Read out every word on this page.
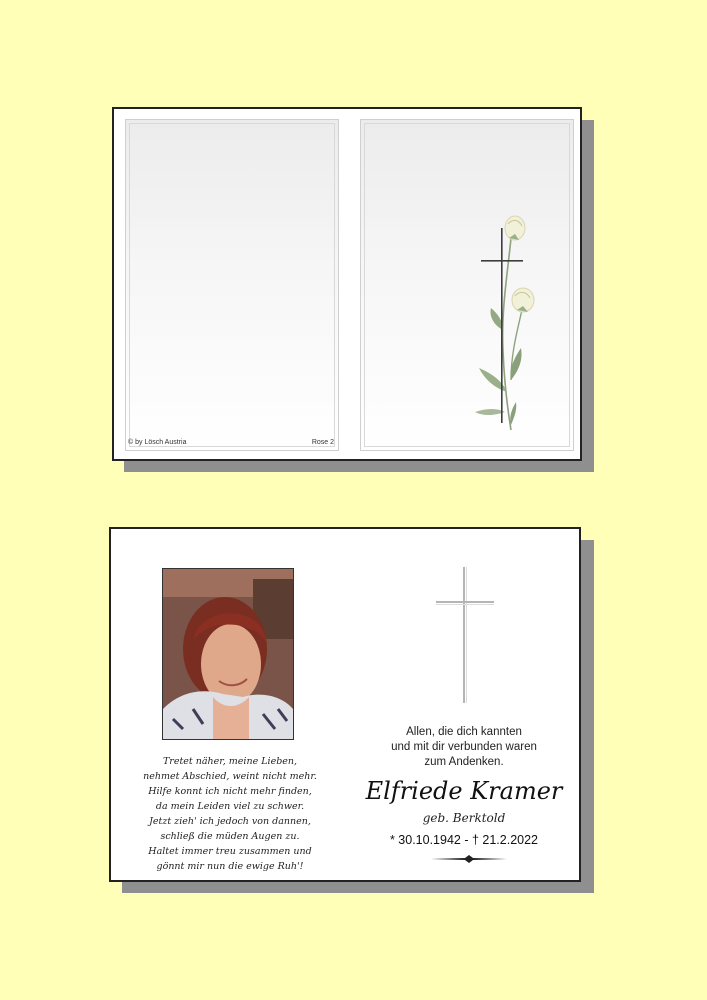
© by Lösch Austria	Rose 2
Tretet näher, meine Lieben,
nehmet Abschied, weint nicht mehr.
Hilfe konnt ich nicht mehr finden,
da mein Leiden viel zu schwer.
Jetzt zieh' ich jedoch von dannen,
schließ die müden Augen zu.
Haltet immer treu zusammen und
gönnt mir nun die ewige Ruh'!
Allen, die dich kannten
und mit dir verbunden waren
zum Andenken.
Elfriede Kramer
geb. Berktold
* 30.10.1942 - † 21.2.2022
